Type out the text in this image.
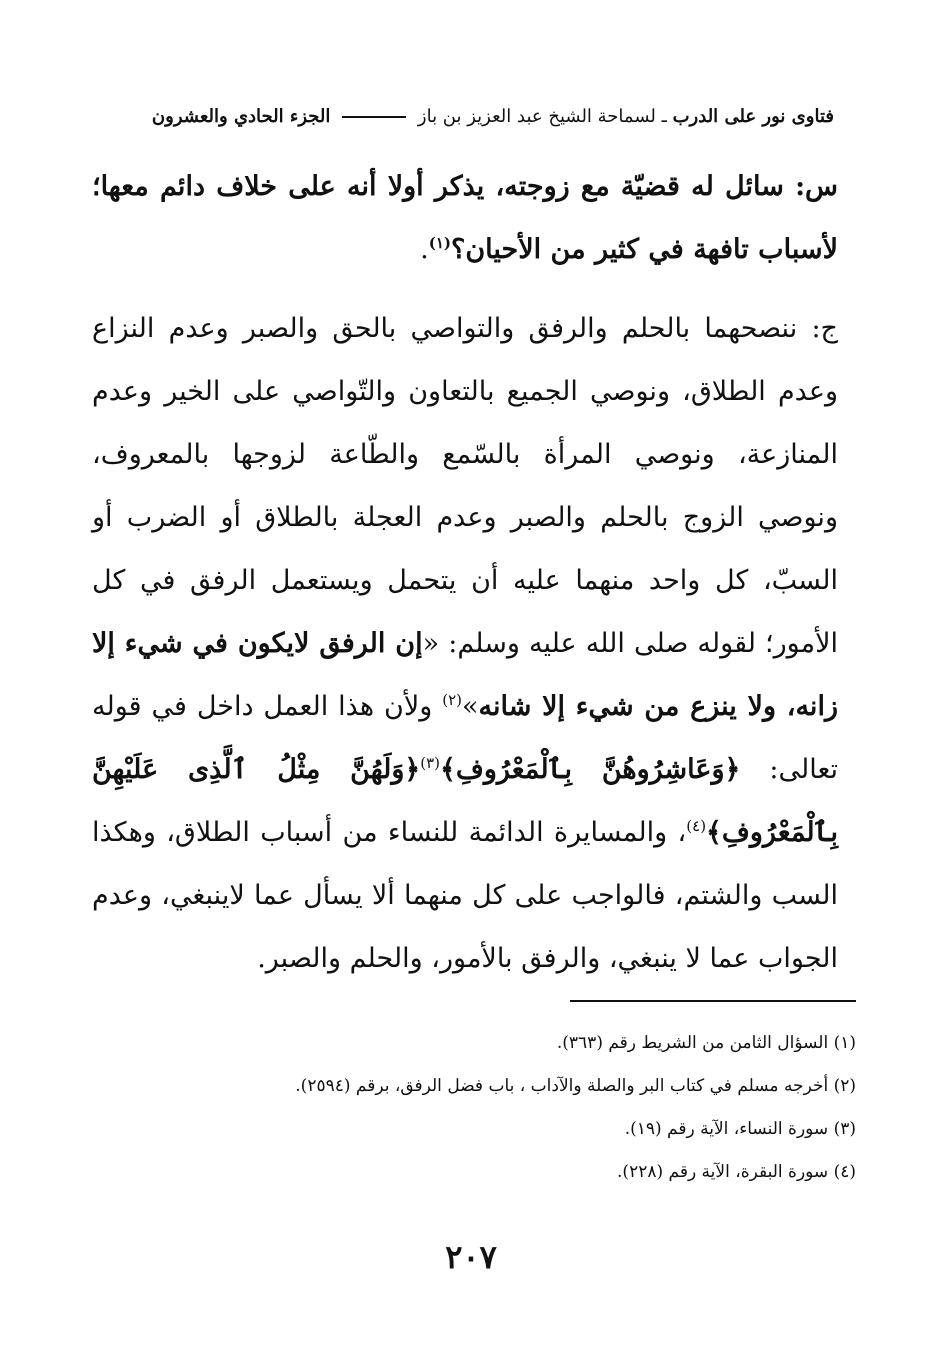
فتاوى نور على الدرب ـ لسماحة الشيخ عبد العزيز بن باز  الجزء الحادي والعشرون

س: سائل له قضيّة مع زوجته، يذكر أولا أنه على خلاف دائم معها؛ لأسباب تافهة في كثير من الأحيان؟$^{(١)}$.

ج: ننصحهما بالحلم والرفق والتواصي بالحق والصبر وعدم النزاع وعدم الطلاق، ونوصي الجميع بالتعاون والتّواصي على الخير وعدم المنازعة، ونوصي المرأة بالسّمع والطّاعة لزوجها بالمعروف، ونوصي الزوج بالحلم والصبر وعدم العجلة بالطلاق أو الضرب أو السبّ، كل واحد منهما عليه أن يتحمل ويستعمل الرفق في كل الأمور؛ لقوله صلى الله عليه وسلم: «إن الرفق لايكون في شيء إلا زانه، ولا ينزع من شيء إلا شانه»$^{(٢)}$ ولأن هذا العمل داخل في قوله تعالى: ﴿وَعَاشِرُوهُنَّ بِٱلْمَعْرُوفِ﴾$^{(٣)}$﴿وَلَهُنَّ مِثْلُ ٱلَّذِى عَلَيْهِنَّ بِٱلْمَعْرُوفِ﴾$^{(٤)}$، والمسايرة الدائمة للنساء من أسباب الطلاق، وهكذا السب والشتم، فالواجب على كل منهما ألا يسأل عما لاينبغي، وعدم الجواب عما لا ينبغي، والرفق بالأمور، والحلم والصبر.

(١) السؤال الثامن من الشريط رقم (٣٦٣).
(٢) أخرجه مسلم في كتاب البر والصلة والآداب ، باب فضل الرفق، برقم (٢٥٩٤).
(٣) سورة النساء، الآية رقم (١٩).
(٤) سورة البقرة، الآية رقم (٢٢٨).
٢٠٧
